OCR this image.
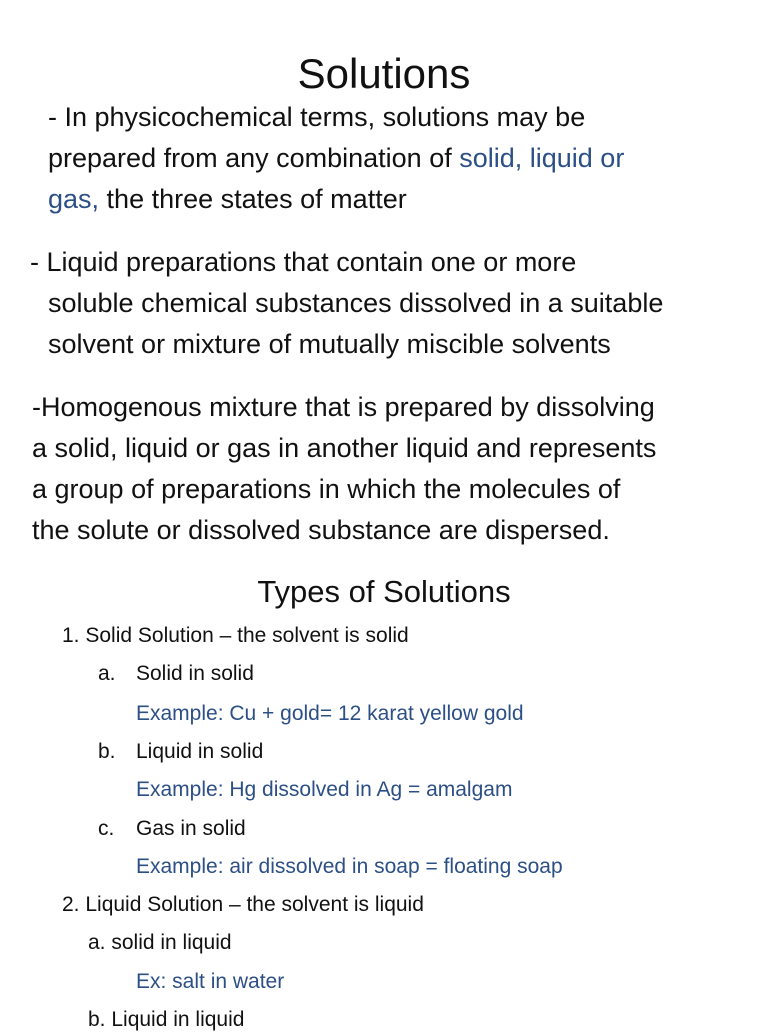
Solutions
- In physicochemical terms, solutions may be
prepared from any combination of solid, liquid or
gas, the three states of matter
- Liquid preparations that contain one or more
soluble chemical substances dissolved in a suitable
solvent or mixture of mutually miscible solvents
-Homogenous mixture that is prepared by dissolving
a solid, liquid or gas in another liquid and represents
a group of preparations in which the molecules of
the solute or dissolved substance are dispersed.
Types of Solutions
1. Solid Solution – the solvent is solid
a. Solid in solid
Example: Cu + gold= 12 karat yellow gold
b. Liquid in solid
Example: Hg dissolved in Ag = amalgam
c. Gas in solid
Example: air dissolved in soap = floating soap
2. Liquid Solution – the solvent is liquid
a. solid in liquid
Ex: salt in water
b. Liquid in liquid
